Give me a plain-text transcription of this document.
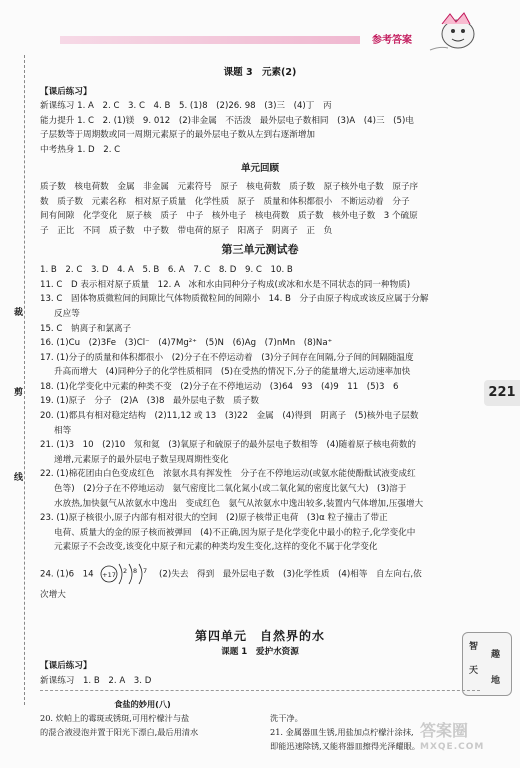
裁
剪
线
参考答案
课题 3　元素(2)
【课后练习】
新课练习 1. A　2. C　3. C　4. B　5. (1)8　(2)26. 98　(3)三　(4)丁　丙
能力提升 1. C　2. (1)镁　9. 012　(2)非金属　不活泼　最外层电子数相同　(3)A　(4)三　(5)电
子层数等于周期数或同一周期元素原子的最外层电子数从左到右逐渐增加
中考热身 1. D　2. C
单元回顾
质子数　核电荷数　金属　非金属　元素符号　原子　核电荷数　质子数　原子核外电子数　原子序
数　质子数　元素名称　相对原子质量　化学性质　原子　质量和体积都很小　不断运动着　分子
间有间隙　化学变化　原子核　质子　中子　核外电子　核电荷数　质子数　核外电子数　3 个硫原
子　正比　不同　质子数　中子数　带电荷的原子　阳离子　阴离子　正　负
第三单元测试卷
1. B　2. C　3. D　4. A　5. B　6. A　7. C　8. D　9. C　10. B
11. C　D 表示相对原子质量　12. A　冰和水由同种分子构成(或冰和水是不同状态的同一种物质)
13. C　固体物质微粒间的间隙比气体物质微粒间的间隙小　14. B　分子由原子构成或该反应属于分解
反应等
15. C　钠离子和氯离子
16. (1)Cu　(2)3Fe　(3)Cl⁻　(4)7Mg²⁺　(5)N　(6)Ag　(7)nMn　(8)Na⁺
17. (1)分子的质量和体积都很小　(2)分子在不停运动着　(3)分子间存在间隔,分子间的间隔随温度
升高而增大　(4)同种分子的化学性质相同　(5)在受热的情况下,分子的能量增大,运动速率加快
18. (1)化学变化中元素的种类不变　(2)分子在不停地运动　(3)64　93　(4)9　11　(5)3　6
19. (1)原子　分子　(2)A　(3)8　最外层电子数　质子数
20. (1)都具有相对稳定结构　(2)11,12 或 13　(3)22　金属　(4)得到　阴离子　(5)核外电子层数
相等
21. (1)3　10　(2)10　氖和氦　(3)氧原子和硫原子的最外层电子数相等　(4)随着原子核电荷数的
递增,元素原子的最外层电子数呈现周期性变化
22. (1)棉花团由白色变成红色　浓氨水具有挥发性　分子在不停地运动(或氨水能使酚酞试液变成红
色等)　(2)分子在不停地运动　氨气密度比二氧化氮小(或二氧化氮的密度比氨气大)　(3)溶于
水放热,加快氨气从浓氨水中逸出　变成红色　氨气从浓氨水中逸出较多,装置内气体增加,压强增大
23. (1)原子核很小,原子内部有相对很大的空间　(2)原子核带正电荷　(3)α 粒子撞击了带正
电荷、质量大的金的原子核而被弹回　(4)不正确,因为原子是化学变化中最小的粒子,化学变化中
元素原子不会改变,该变化中原子和元素的种类均发生变化,这样的变化不属于化学变化
24. (1)6　14 +17 2 8 7 (2)失去　得到　最外层电子数　(3)化学性质　(4)相等　自左向右,依
次增大
221
第四单元　自然界的水
课题 1　爱护水资源
【课后练习】
新课练习　1. B　2. A　3. D
智
趣
天
地
食盐的妙用(八)
20. 炊帕上的霉斑或锈斑,可用柠檬汁与盐
的混合液浸泡并置于阳光下漂白,最后用清水
洗干净。
21. 金属器皿生锈,用盐加点柠檬汁涂抹,
即能迅速除锈,又能将器皿擦得光泽耀眼。
答案圈
MXQE.COM
